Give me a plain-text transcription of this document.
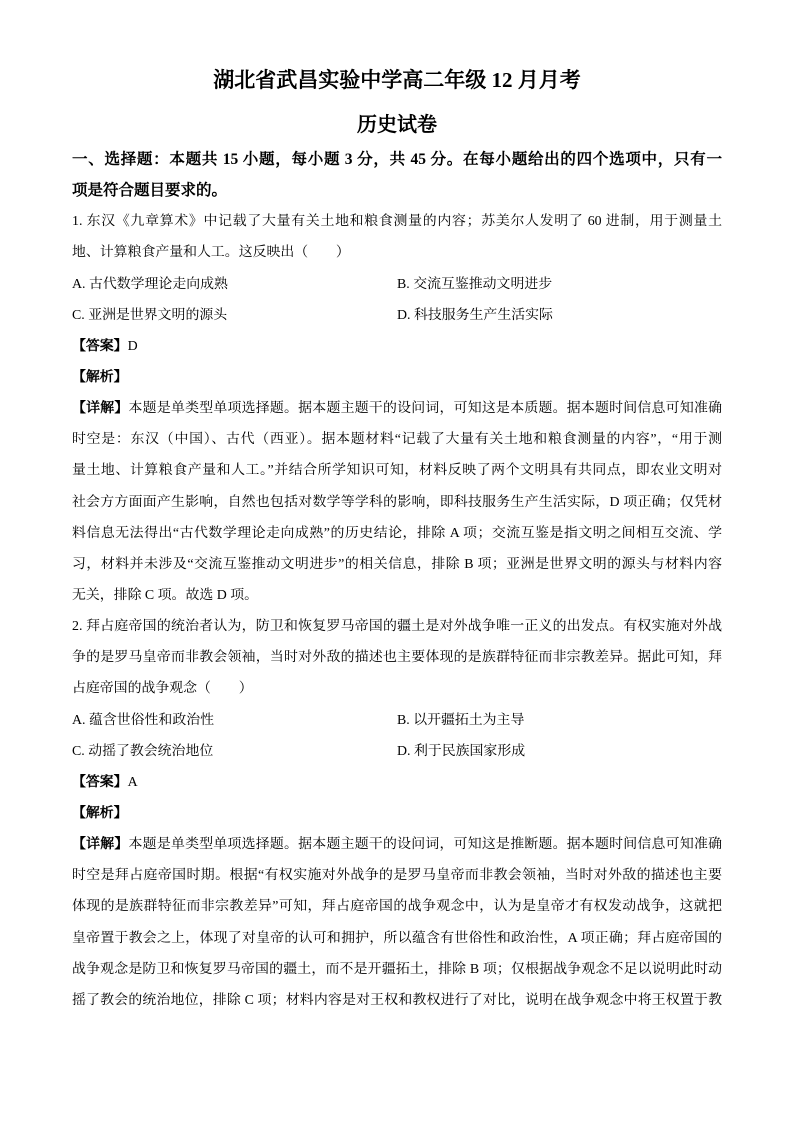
湖北省武昌实验中学高二年级 12 月月考
历史试卷
一、选择题：本题共 15 小题，每小题 3 分，共 45 分。在每小题给出的四个选项中，只有一
项是符合题目要求的。
1. 东汉《九章算术》中记载了大量有关土地和粮食测量的内容；苏美尔人发明了 60 进制，用于测量土
地、计算粮食产量和人工。这反映出（　　）
A. 古代数学理论走向成熟	B. 交流互鉴推动文明进步
C. 亚洲是世界文明的源头	D. 科技服务生产生活实际
【答案】D
【解析】
【详解】本题是单类型单项选择题。据本题主题干的设问词，可知这是本质题。据本题时间信息可知准确
时空是：东汉（中国）、古代（西亚）。据本题材料“记载了大量有关土地和粮食测量的内容”，“用于测
量土地、计算粮食产量和人工。”并结合所学知识可知，材料反映了两个文明具有共同点，即农业文明对
社会方方面面产生影响，自然也包括对数学等学科的影响，即科技服务生产生活实际，D 项正确；仅凭材
料信息无法得出“古代数学理论走向成熟”的历史结论，排除 A 项；交流互鉴是指文明之间相互交流、学
习，材料并未涉及“交流互鉴推动文明进步”的相关信息，排除 B 项；亚洲是世界文明的源头与材料内容
无关，排除 C 项。故选 D 项。
2. 拜占庭帝国的统治者认为，防卫和恢复罗马帝国的疆土是对外战争唯一正义的出发点。有权实施对外战
争的是罗马皇帝而非教会领袖，当时对外敌的描述也主要体现的是族群特征而非宗教差异。据此可知，拜
占庭帝国的战争观念（　　）
A. 蕴含世俗性和政治性	B. 以开疆拓土为主导
C. 动摇了教会统治地位	D. 利于民族国家形成
【答案】A
【解析】
【详解】本题是单类型单项选择题。据本题主题干的设问词，可知这是推断题。据本题时间信息可知准确
时空是拜占庭帝国时期。根据“有权实施对外战争的是罗马皇帝而非教会领袖，当时对外敌的描述也主要
体现的是族群特征而非宗教差异”可知，拜占庭帝国的战争观念中，认为是皇帝才有权发动战争，这就把
皇帝置于教会之上，体现了对皇帝的认可和拥护，所以蕴含有世俗性和政治性，A 项正确；拜占庭帝国的
战争观念是防卫和恢复罗马帝国的疆土，而不是开疆拓土，排除 B 项；仅根据战争观念不足以说明此时动
摇了教会的统治地位，排除 C 项；材料内容是对王权和教权进行了对比，说明在战争观念中将王权置于教
